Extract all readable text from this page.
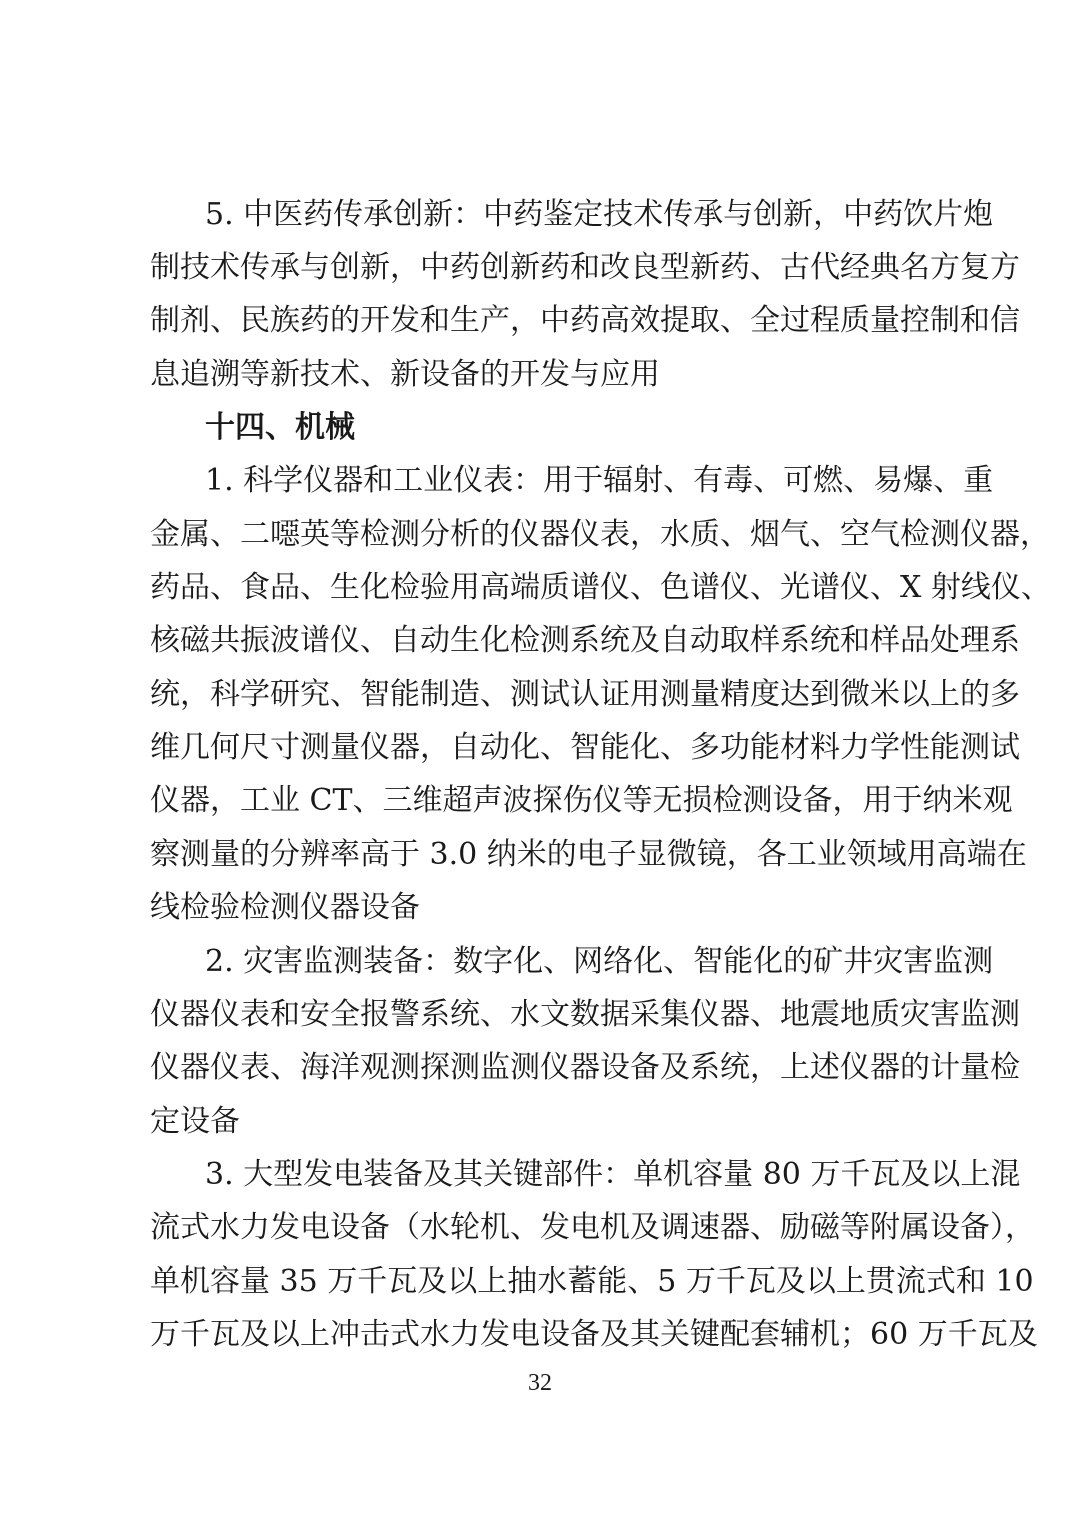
5. 中医药传承创新：中药鉴定技术传承与创新，中药饮片炮
制技术传承与创新，中药创新药和改良型新药、古代经典名方复方
制剂、民族药的开发和生产，中药高效提取、全过程质量控制和信
息追溯等新技术、新设备的开发与应用
十四、机械
1. 科学仪器和工业仪表：用于辐射、有毒、可燃、易爆、重
金属、二噁英等检测分析的仪器仪表，水质、烟气、空气检测仪器，
药品、食品、生化检验用高端质谱仪、色谱仪、光谱仪、X 射线仪、
核磁共振波谱仪、自动生化检测系统及自动取样系统和样品处理系
统，科学研究、智能制造、测试认证用测量精度达到微米以上的多
维几何尺寸测量仪器，自动化、智能化、多功能材料力学性能测试
仪器，工业 CT、三维超声波探伤仪等无损检测设备，用于纳米观
察测量的分辨率高于 3.0 纳米的电子显微镜，各工业领域用高端在
线检验检测仪器设备
2. 灾害监测装备：数字化、网络化、智能化的矿井灾害监测
仪器仪表和安全报警系统、水文数据采集仪器、地震地质灾害监测
仪器仪表、海洋观测探测监测仪器设备及系统，上述仪器的计量检
定设备
3. 大型发电装备及其关键部件：单机容量 80 万千瓦及以上混
流式水力发电设备（水轮机、发电机及调速器、励磁等附属设备），
单机容量 35 万千瓦及以上抽水蓄能、5 万千瓦及以上贯流式和 10
万千瓦及以上冲击式水力发电设备及其关键配套辅机；60 万千瓦及
32
